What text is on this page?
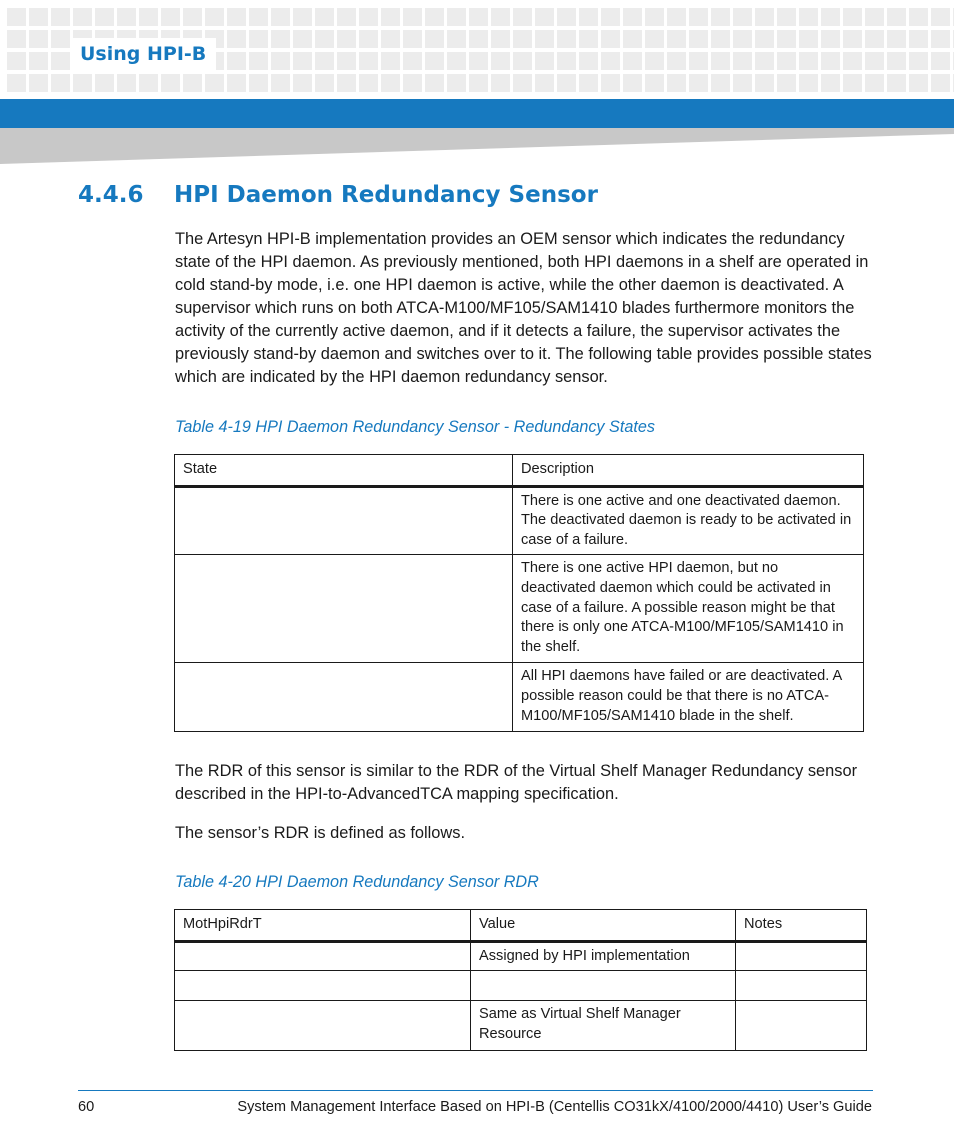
Using HPI-B
4.4.6 HPI Daemon Redundancy Sensor
The Artesyn HPI-B implementation provides an OEM sensor which indicates the redundancy state of the HPI daemon. As previously mentioned, both HPI daemons in a shelf are operated in cold stand-by mode, i.e. one HPI daemon is active, while the other daemon is deactivated. A supervisor which runs on both ATCA-M100/MF105/SAM1410 blades furthermore monitors the activity of the currently active daemon, and if it detects a failure, the supervisor activates the previously stand-by daemon and switches over to it. The following table provides possible states which are indicated by the HPI daemon redundancy sensor.
Table 4-19 HPI Daemon Redundancy Sensor - Redundancy States
State	Description
	There is one active and one deactivated daemon. The deactivated daemon is ready to be activated in case of a failure.
	There is one active HPI daemon, but no deactivated daemon which could be activated in case of a failure. A possible reason might be that there is only one ATCA-M100/MF105/SAM1410 in the shelf.
	All HPI daemons have failed or are deactivated. A possible reason could be that there is no ATCA-M100/MF105/SAM1410 blade in the shelf.
The RDR of this sensor is similar to the RDR of the Virtual Shelf Manager Redundancy sensor described in the HPI-to-AdvancedTCA mapping specification.
The sensor’s RDR is defined as follows.
Table 4-20 HPI Daemon Redundancy Sensor RDR
MotHpiRdrT	Value	Notes
	Assigned by HPI implementation	

	Same as Virtual Shelf Manager Resource	
60	System Management Interface Based on HPI-B (Centellis CO31kX/4100/2000/4410) User’s Guide
